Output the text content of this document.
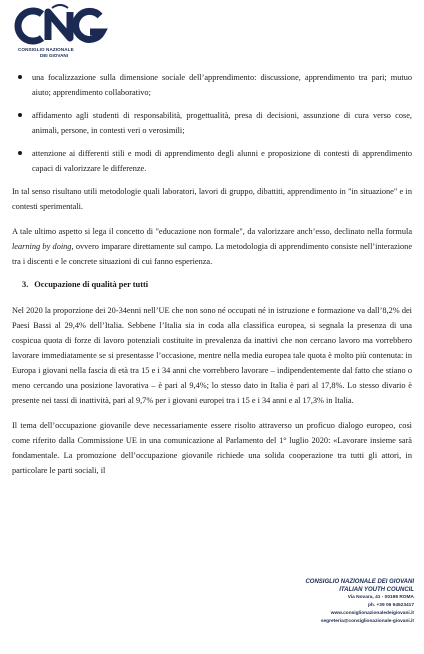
CONSIGLIO NAZIONALE
DEI GIOVANI
una focalizzazione sulla dimensione sociale dell’apprendimento: discussione, apprendimento tra pari; mutuo aiuto; apprendimento collaborativo;
affidamento agli studenti di responsabilità, progettualità, presa di decisioni, assunzione di cura verso cose, animali, persone, in contesti veri o verosimili;
attenzione ai differenti stili e modi di apprendimento degli alunni e proposizione di contesti di apprendimento capaci di valorizzare le differenze.

In tal senso risultano utili metodologie quali laboratori, lavori di gruppo, dibattiti, apprendimento in "in situazione" e in contesti sperimentali.

A tale ultimo aspetto si lega il concetto di "educazione non formale", da valorizzare anch’esso, declinato nella formula learning by doing, ovvero imparare direttamente sul campo. La metodologia di apprendimento consiste nell’interazione tra i discenti e le concrete situazioni di cui fanno esperienza.

3. Occupazione di qualità per tutti

Nel 2020 la proporzione dei 20-34enni nell’UE che non sono né occupati né in istruzione e formazione va dall’8,2% dei Paesi Bassi al 29,4% dell’Italia. Sebbene l’Italia sia in coda alla classifica europea, si segnala la presenza di una cospicua quota di forze di lavoro potenziali costituite in prevalenza da inattivi che non cercano lavoro ma vorrebbero lavorare immediatamente se si presentasse l’occasione, mentre nella media europea tale quota è molto più contenuta: in Europa i giovani nella fascia di età tra 15 e i 34 anni che vorrebbero lavorare – indipendentemente dal fatto che stiano o meno cercando una posizione lavorativa – è pari al 9,4%; lo stesso dato in Italia è pari al 17,8%. Lo stesso divario è presente nei tassi di inattività, pari al 9,7% per i giovani europei tra i 15 e i 34 anni e al 17,3% in Italia.

Il tema dell’occupazione giovanile deve necessariamente essere risolto attraverso un proficuo dialogo europeo, così come riferito dalla Commissione UE in una comunicazione al Parlamento del 1° luglio 2020: «Lavorare insieme sarà fondamentale. La promozione dell’occupazione giovanile richiede una solida cooperazione tra tutti gli attori, in particolare le parti sociali, il

CONSIGLIO NAZIONALE DEI GIOVANI
ITALIAN YOUTH COUNCIL
Via Novara, 41 - 00198 ROMA
ph. +39 06 94523417
www.consiglionazionaledeigiovani.it
segreteria@consiglionazionale-giovani.it
